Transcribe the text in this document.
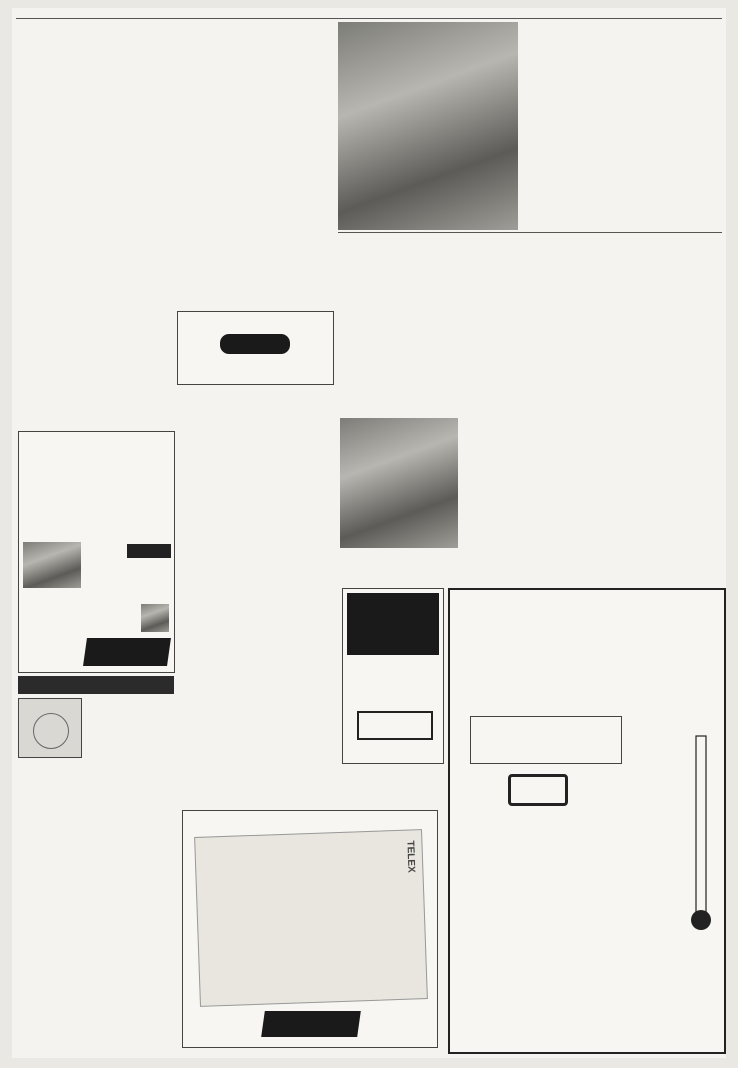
TELEX
